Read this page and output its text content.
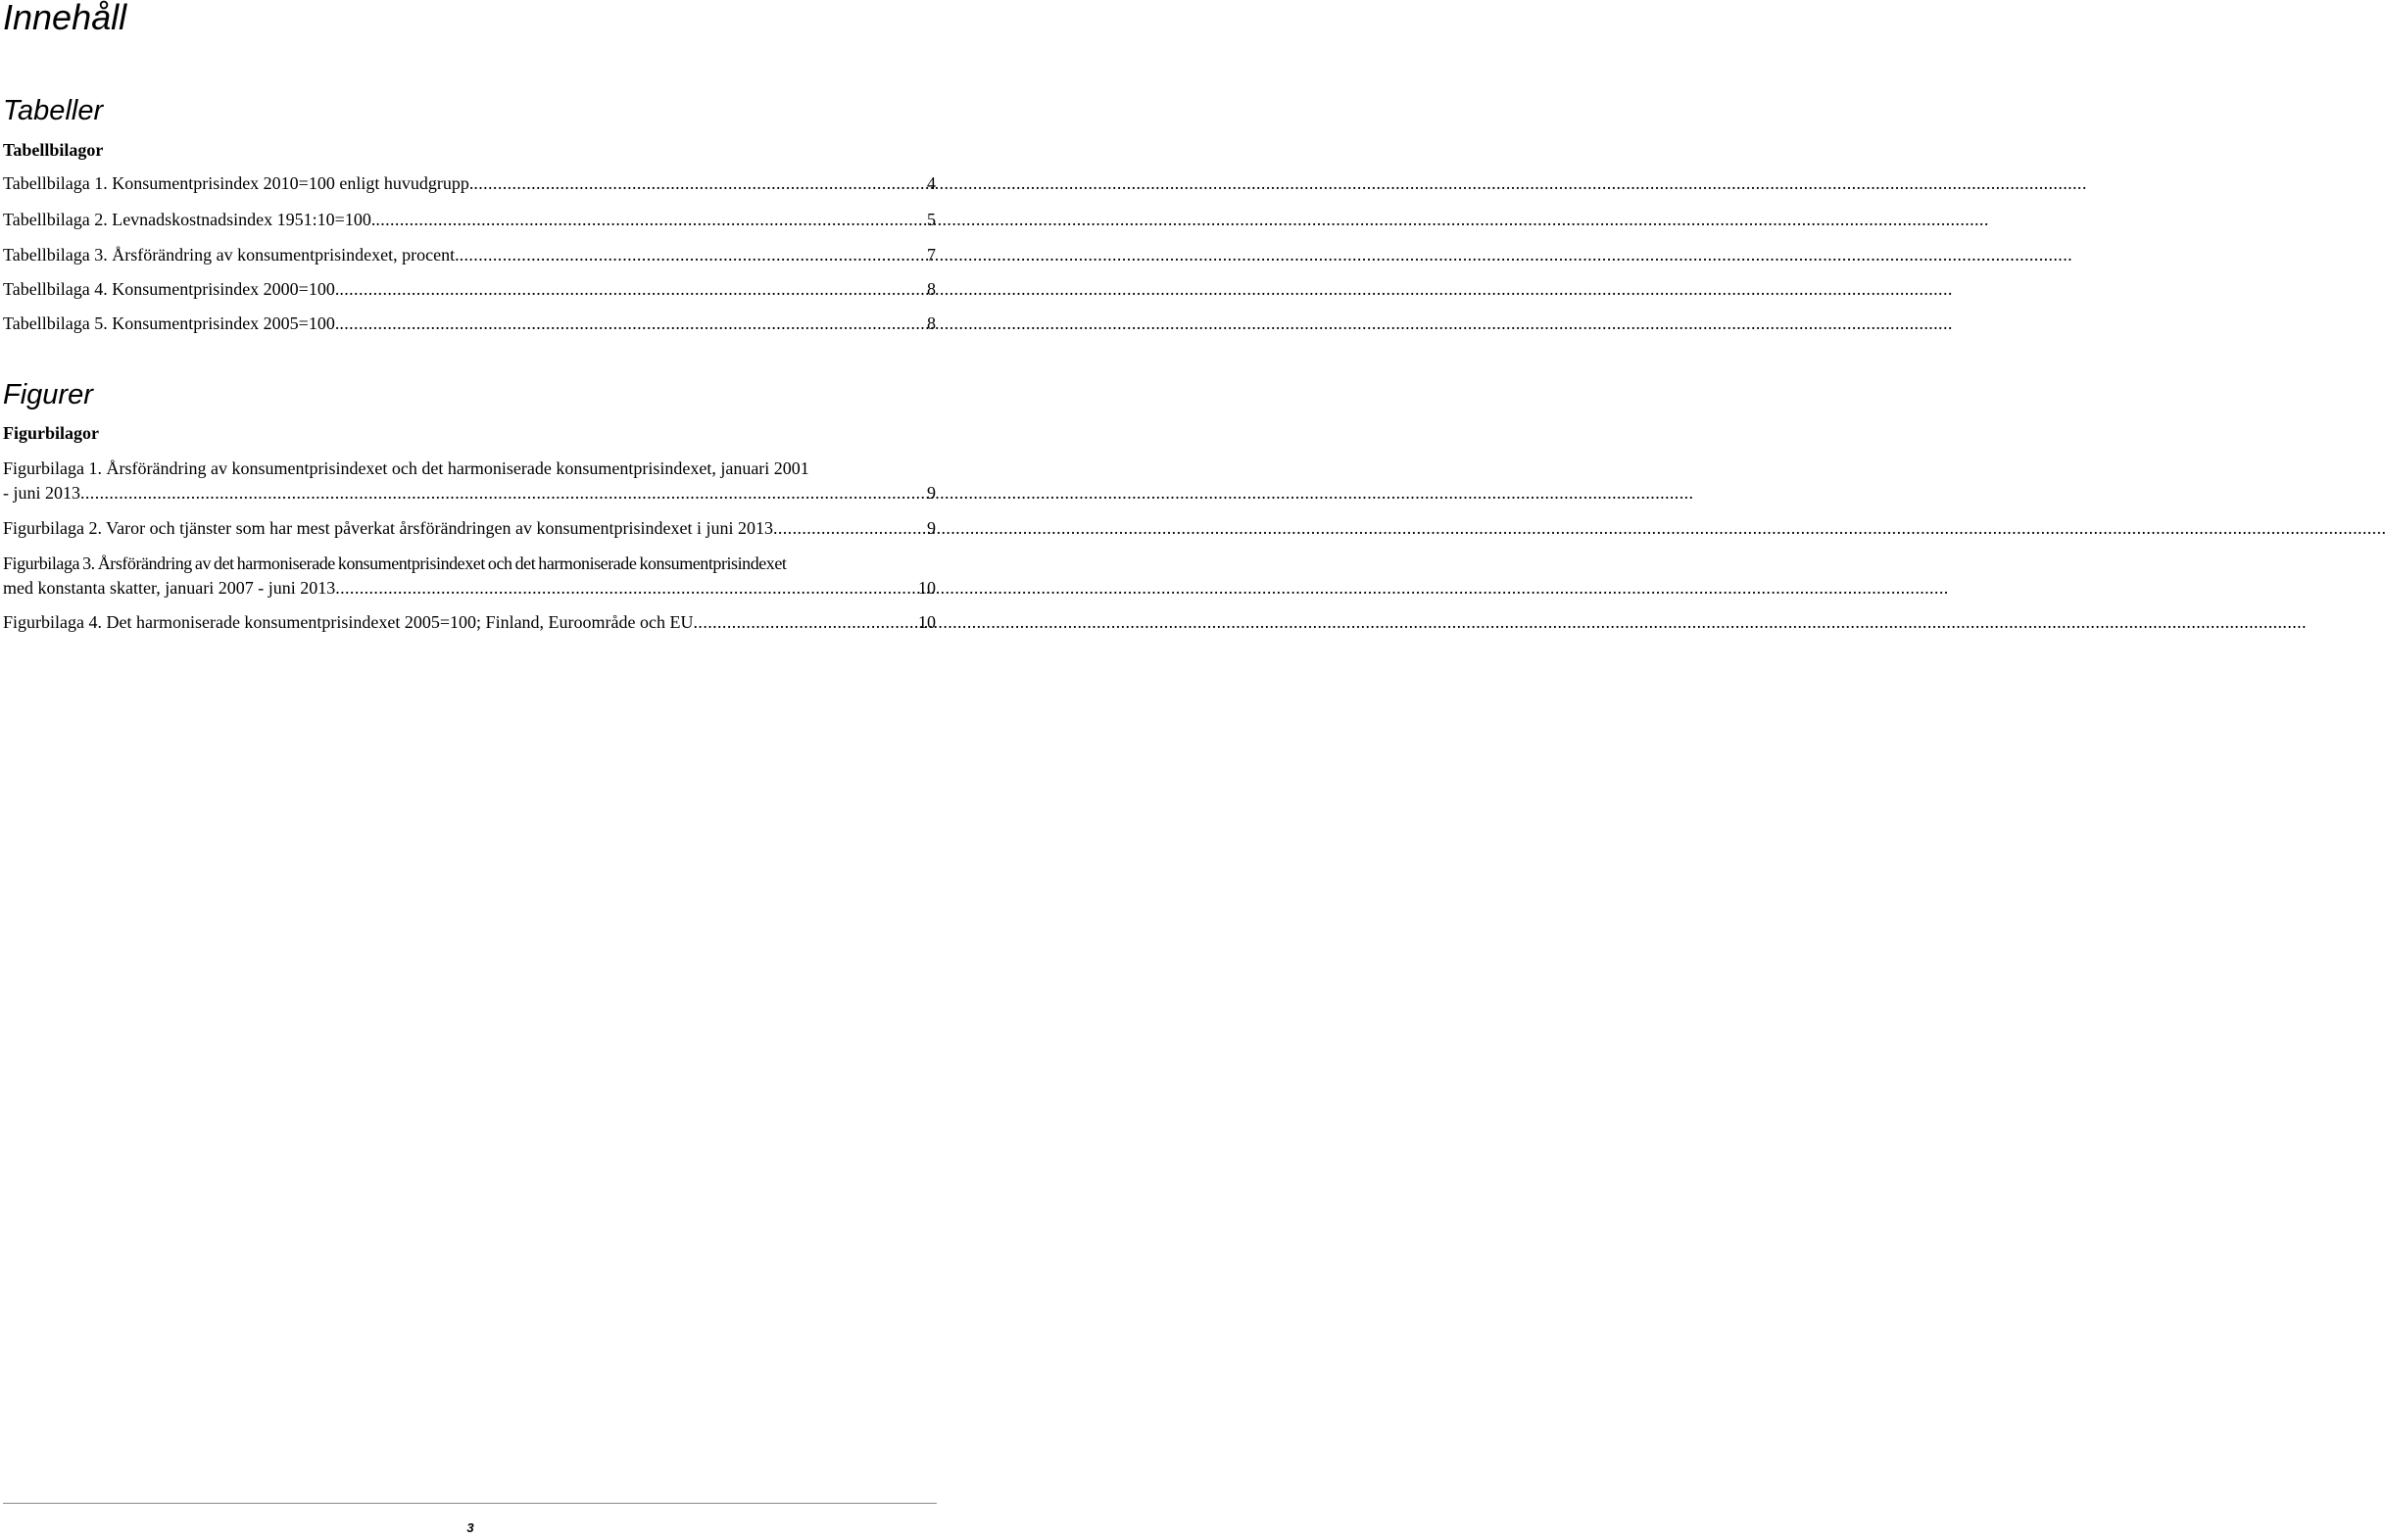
Innehåll
Tabeller
Tabellbilagor
Tabellbilaga 1. Konsumentprisindex 2010=100 enligt huvudgrupp. .....	4
Tabellbilaga 2. Levnadskostnadsindex 1951:10=100. .....	5
Tabellbilaga 3. Årsförändring av konsumentprisindexet, procent. .....	7
Tabellbilaga 4. Konsumentprisindex 2000=100. .....	8
Tabellbilaga 5. Konsumentprisindex 2005=100. .....	8
Figurer
Figurbilagor
Figurbilaga 1. Årsförändring av konsumentprisindexet och det harmoniserade konsumentprisindexet, januari 2001
- juni 2013 .....	9
Figurbilaga 2. Varor och tjänster som har mest påverkat årsförändringen av konsumentprisindexet i juni 2013 .....	9
Figurbilaga 3. Årsförändring av det harmoniserade konsumentprisindexet och det harmoniserade konsumentprisindexet
med konstanta skatter, januari 2007 - juni 2013 .....	10
Figurbilaga 4. Det harmoniserade konsumentprisindexet 2005=100; Finland, Euroområde och EU .....	10
3
